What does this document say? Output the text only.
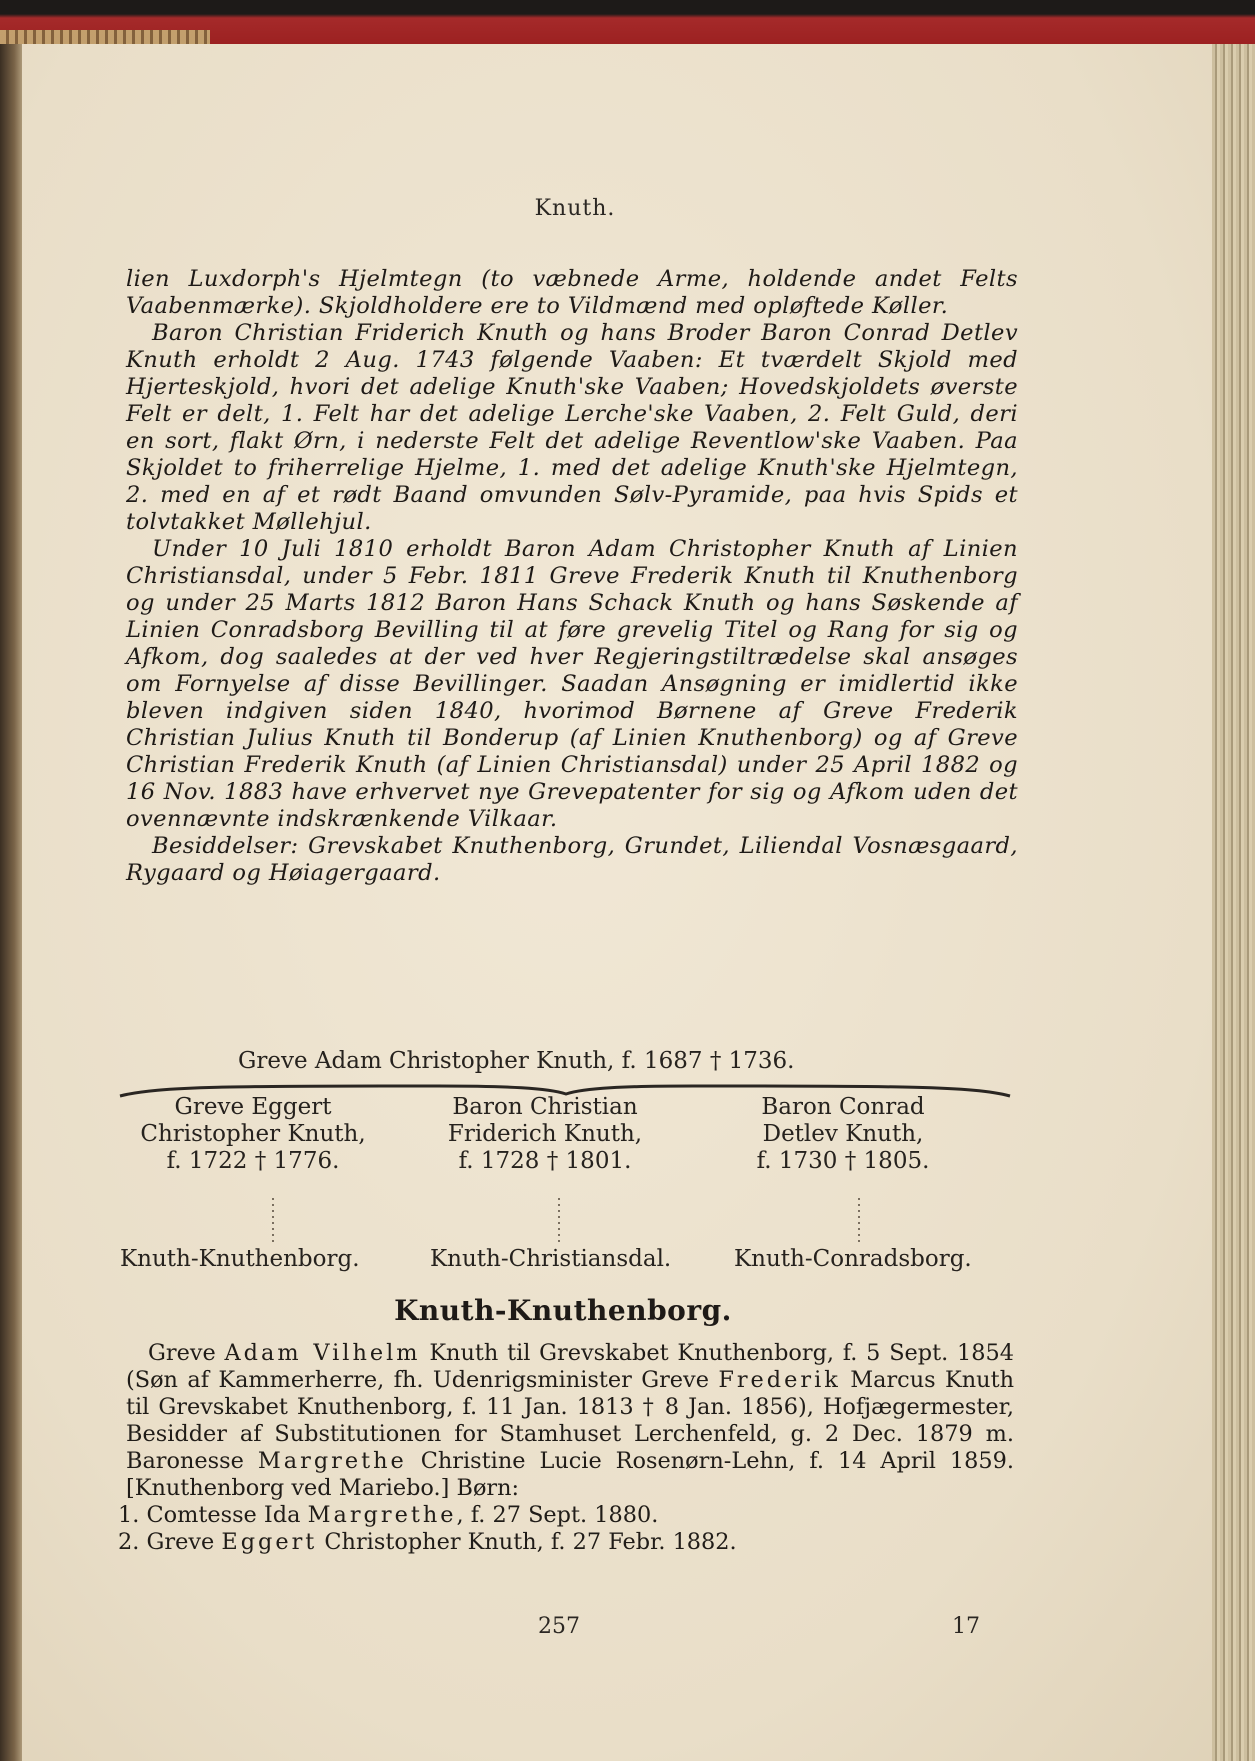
Knuth.

lien Luxdorph's Hjelmtegn (to væbnede Arme, holdende andet Felts Vaabenmærke). Skjoldholdere ere to Vildmænd med opløftede Køller.

Baron Christian Friderich Knuth og hans Broder Baron Conrad Detlev Knuth erholdt 2 Aug. 1743 følgende Vaaben: Et tværdelt Skjold med Hjerteskjold, hvori det adelige Knuth'ske Vaaben; Hovedskjoldets øverste Felt er delt, 1. Felt har det adelige Lerche'ske Vaaben, 2. Felt Guld, deri en sort, flakt Ørn, i nederste Felt det adelige Reventlow'ske Vaaben. Paa Skjoldet to friherrelige Hjelme, 1. med det adelige Knuth'ske Hjelmtegn, 2. med en af et rødt Baand omvunden Sølv-Pyramide, paa hvis Spids et tolvtakket Møllehjul.

Under 10 Juli 1810 erholdt Baron Adam Christopher Knuth af Linien Christiansdal, under 5 Febr. 1811 Greve Frederik Knuth til Knuthenborg og under 25 Marts 1812 Baron Hans Schack Knuth og hans Søskende af Linien Conradsborg Bevilling til at føre grevelig Titel og Rang for sig og Afkom, dog saaledes at der ved hver Regjeringstiltrædelse skal ansøges om Fornyelse af disse Bevillinger. Saadan Ansøgning er imidlertid ikke bleven indgiven siden 1840, hvorimod Børnene af Greve Frederik Christian Julius Knuth til Bonderup (af Linien Knuthenborg) og af Greve Christian Frederik Knuth (af Linien Christiansdal) under 25 April 1882 og 16 Nov. 1883 have erhvervet nye Grevepatenter for sig og Afkom uden det ovennævnte indskrænkende Vilkaar.

Besiddelser: Grevskabet Knuthenborg, Grundet, Liliendal Vosnæsgaard, Rygaard og Høiagergaard.

Greve Adam Christopher Knuth, f. 1687 † 1736.
Greve Eggert
Christopher Knuth,
f. 1722 † 1776.
Baron Christian
Friderich Knuth,
f. 1728 † 1801.
Baron Conrad
Detlev Knuth,
f. 1730 † 1805.
Knuth-Knuthenborg.	Knuth-Christiansdal.	Knuth-Conradsborg.
Knuth-Knuthenborg.

Greve Adam Vilhelm Knuth til Grevskabet Knuthenborg, f. 5 Sept. 1854 (Søn af Kammerherre, fh. Udenrigsminister Greve Frederik Marcus Knuth til Grevskabet Knuthenborg, f. 11 Jan. 1813 † 8 Jan. 1856), Hofjægermester, Besidder af Substitutionen for Stamhuset Lerchenfeld, g. 2 Dec. 1879 m. Baronesse Margrethe Christine Lucie Rosenørn-Lehn, f. 14 April 1859. [Knuthenborg ved Mariebo.] Børn:

1. Comtesse Ida Margrethe, f. 27 Sept. 1880.

2. Greve Eggert Christopher Knuth, f. 27 Febr. 1882.

257	17
